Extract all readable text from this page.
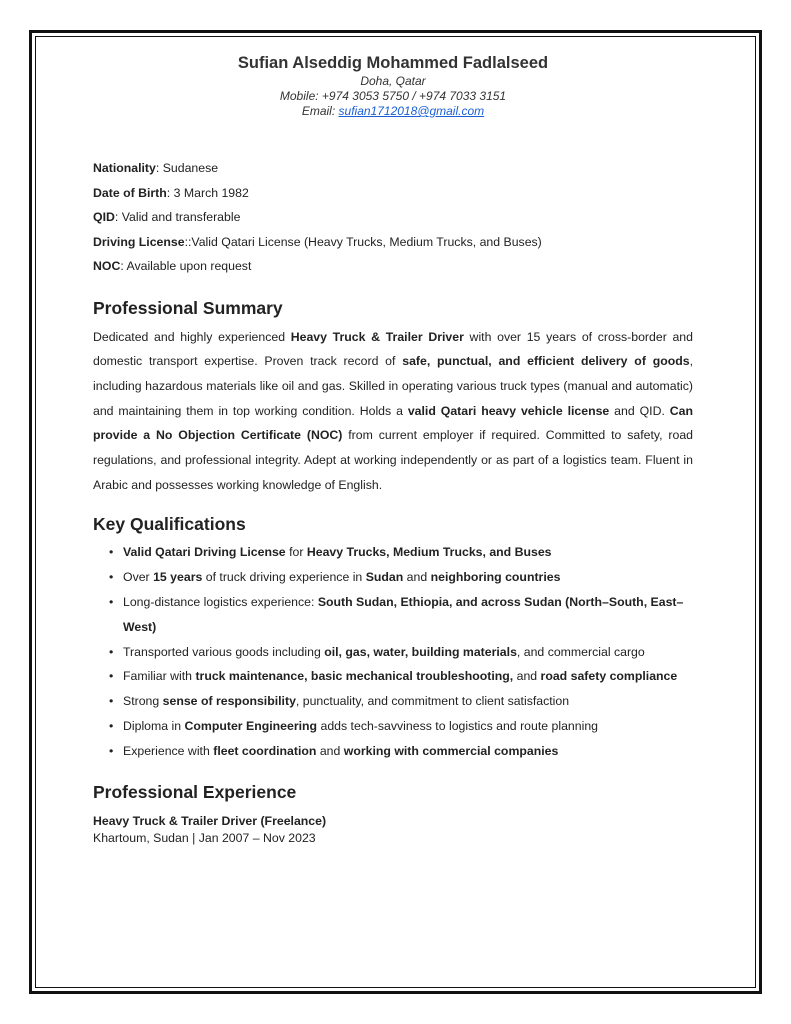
Sufian Alseddig Mohammed Fadlalseed
Doha, Qatar
Mobile: +974 3053 5750 / +974 7033 3151
Email: sufian1712018@gmail.com
Nationality: Sudanese
Date of Birth: 3 March 1982
QID: Valid and transferable
Driving License::Valid Qatari License (Heavy Trucks, Medium Trucks, and Buses)
NOC: Available upon request
Professional Summary
Dedicated and highly experienced Heavy Truck & Trailer Driver with over 15 years of cross-border and domestic transport expertise. Proven track record of safe, punctual, and efficient delivery of goods, including hazardous materials like oil and gas. Skilled in operating various truck types (manual and automatic) and maintaining them in top working condition. Holds a valid Qatari heavy vehicle license and QID. Can provide a No Objection Certificate (NOC) from current employer if required. Committed to safety, road regulations, and professional integrity. Adept at working independently or as part of a logistics team. Fluent in Arabic and possesses working knowledge of English.
Key Qualifications
• Valid Qatari Driving License for Heavy Trucks, Medium Trucks, and Buses
• Over 15 years of truck driving experience in Sudan and neighboring countries
• Long-distance logistics experience: South Sudan, Ethiopia, and across Sudan (North–South, East–West)
• Transported various goods including oil, gas, water, building materials, and commercial cargo
• Familiar with truck maintenance, basic mechanical troubleshooting, and road safety compliance
• Strong sense of responsibility, punctuality, and commitment to client satisfaction
• Diploma in Computer Engineering adds tech-savviness to logistics and route planning
• Experience with fleet coordination and working with commercial companies
Professional Experience
Heavy Truck & Trailer Driver (Freelance)
Khartoum, Sudan | Jan 2007 – Nov 2023
